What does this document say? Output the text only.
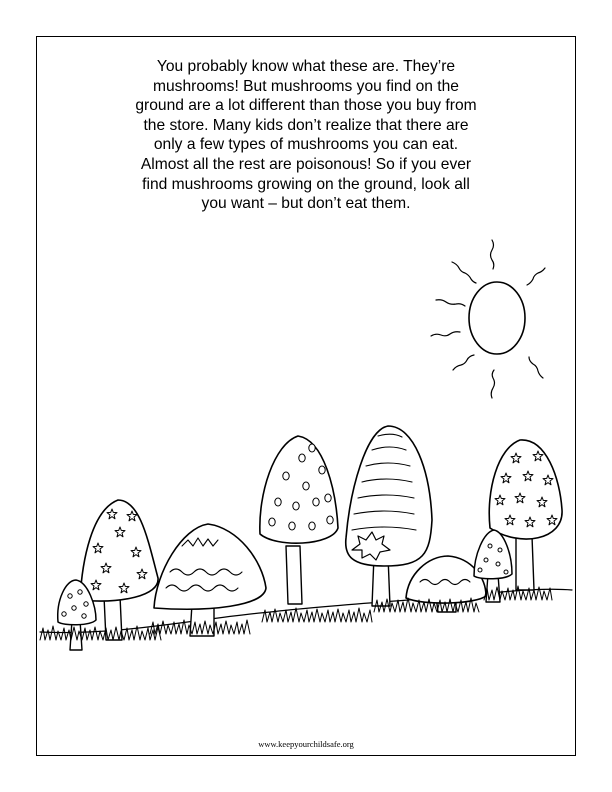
You probably know what these are. They’re
mushrooms! But mushrooms you find on the
ground are a lot different than those you buy from
the store. Many kids don’t realize that there are
only a few types of mushrooms you can eat.
Almost all the rest are poisonous! So if you ever
find mushrooms growing on the ground, look all
you want – but don’t eat them.

www.keepyourchildsafe.org
